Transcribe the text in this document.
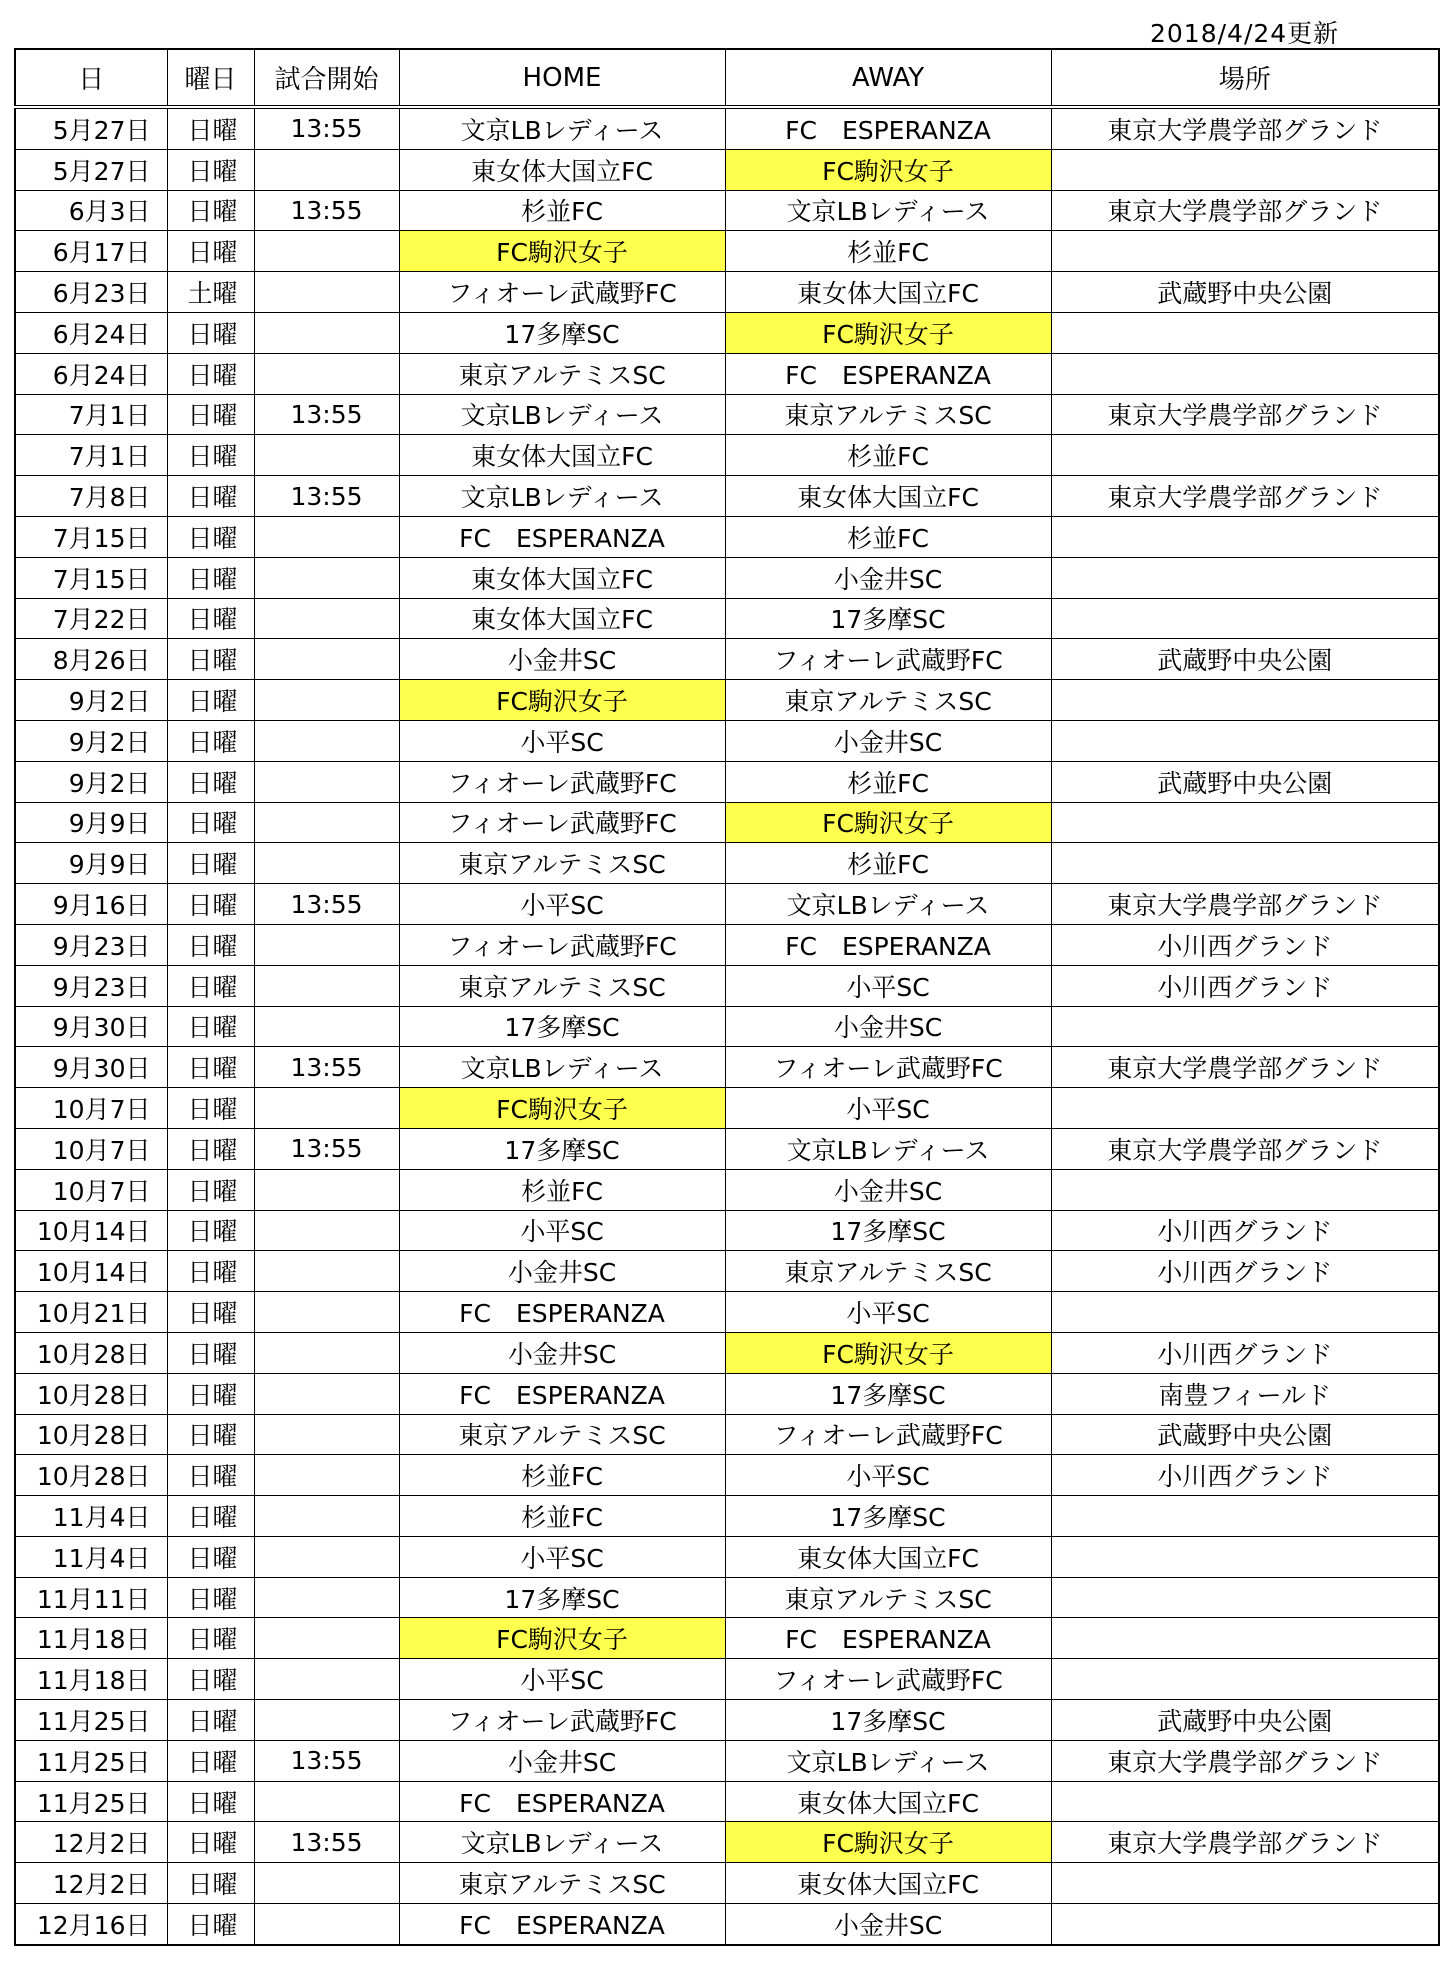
2018/4/24更新
日	曜日	試合開始	HOME	AWAY	場所
5月27日	日曜	13:55	文京LBレディース	FC　ESPERANZA	東京大学農学部グランド
5月27日	日曜		東女体大国立FC	FC駒沢女子	
6月3日	日曜	13:55	杉並FC	文京LBレディース	東京大学農学部グランド
6月17日	日曜		FC駒沢女子	杉並FC	
6月23日	土曜		フィオーレ武蔵野FC	東女体大国立FC	武蔵野中央公園
6月24日	日曜		17多摩SC	FC駒沢女子	
6月24日	日曜		東京アルテミスSC	FC　ESPERANZA	
7月1日	日曜	13:55	文京LBレディース	東京アルテミスSC	東京大学農学部グランド
7月1日	日曜		東女体大国立FC	杉並FC	
7月8日	日曜	13:55	文京LBレディース	東女体大国立FC	東京大学農学部グランド
7月15日	日曜		FC　ESPERANZA	杉並FC	
7月15日	日曜		東女体大国立FC	小金井SC	
7月22日	日曜		東女体大国立FC	17多摩SC	
8月26日	日曜		小金井SC	フィオーレ武蔵野FC	武蔵野中央公園
9月2日	日曜		FC駒沢女子	東京アルテミスSC	
9月2日	日曜		小平SC	小金井SC	
9月2日	日曜		フィオーレ武蔵野FC	杉並FC	武蔵野中央公園
9月9日	日曜		フィオーレ武蔵野FC	FC駒沢女子	
9月9日	日曜		東京アルテミスSC	杉並FC	
9月16日	日曜	13:55	小平SC	文京LBレディース	東京大学農学部グランド
9月23日	日曜		フィオーレ武蔵野FC	FC　ESPERANZA	小川西グランド
9月23日	日曜		東京アルテミスSC	小平SC	小川西グランド
9月30日	日曜		17多摩SC	小金井SC	
9月30日	日曜	13:55	文京LBレディース	フィオーレ武蔵野FC	東京大学農学部グランド
10月7日	日曜		FC駒沢女子	小平SC	
10月7日	日曜	13:55	17多摩SC	文京LBレディース	東京大学農学部グランド
10月7日	日曜		杉並FC	小金井SC	
10月14日	日曜		小平SC	17多摩SC	小川西グランド
10月14日	日曜		小金井SC	東京アルテミスSC	小川西グランド
10月21日	日曜		FC　ESPERANZA	小平SC	
10月28日	日曜		小金井SC	FC駒沢女子	小川西グランド
10月28日	日曜		FC　ESPERANZA	17多摩SC	南豊フィールド
10月28日	日曜		東京アルテミスSC	フィオーレ武蔵野FC	武蔵野中央公園
10月28日	日曜		杉並FC	小平SC	小川西グランド
11月4日	日曜		杉並FC	17多摩SC	
11月4日	日曜		小平SC	東女体大国立FC	
11月11日	日曜		17多摩SC	東京アルテミスSC	
11月18日	日曜		FC駒沢女子	FC　ESPERANZA	
11月18日	日曜		小平SC	フィオーレ武蔵野FC	
11月25日	日曜		フィオーレ武蔵野FC	17多摩SC	武蔵野中央公園
11月25日	日曜	13:55	小金井SC	文京LBレディース	東京大学農学部グランド
11月25日	日曜		FC　ESPERANZA	東女体大国立FC	
12月2日	日曜	13:55	文京LBレディース	FC駒沢女子	東京大学農学部グランド
12月2日	日曜		東京アルテミスSC	東女体大国立FC	
12月16日	日曜		FC　ESPERANZA	小金井SC	
